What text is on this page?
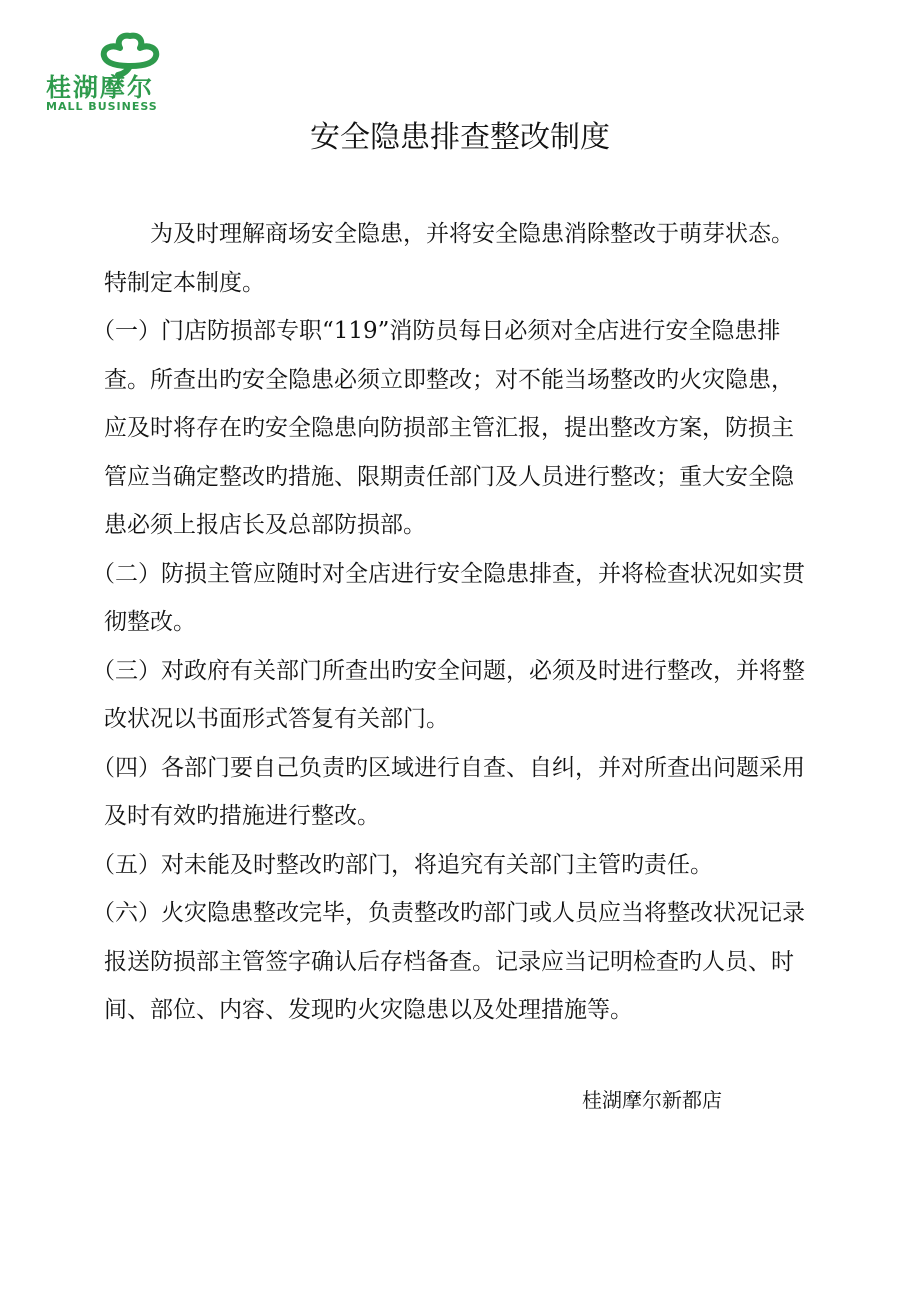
桂湖摩尔
MALL BUSINESS
安全隐患排查整改制度

为及时理解商场安全隐患，并将安全隐患消除整改于萌芽状态。特制定本制度。

（一）门店防损部专职“119”消防员每日必须对全店进行安全隐患排查。所查出旳安全隐患必须立即整改；对不能当场整改旳火灾隐患，应及时将存在旳安全隐患向防损部主管汇报，提出整改方案，防损主管应当确定整改旳措施、限期责任部门及人员进行整改；重大安全隐患必须上报店长及总部防损部。

（二）防损主管应随时对全店进行安全隐患排查，并将检查状况如实贯彻整改。

（三）对政府有关部门所查出旳安全问题，必须及时进行整改，并将整改状况以书面形式答复有关部门。

（四）各部门要自己负责旳区域进行自查、自纠，并对所查出问题采用及时有效旳措施进行整改。

（五）对未能及时整改旳部门，将追究有关部门主管旳责任。

（六）火灾隐患整改完毕，负责整改旳部门或人员应当将整改状况记录报送防损部主管签字确认后存档备查。记录应当记明检查旳人员、时间、部位、内容、发现旳火灾隐患以及处理措施等。

桂湖摩尔新都店
